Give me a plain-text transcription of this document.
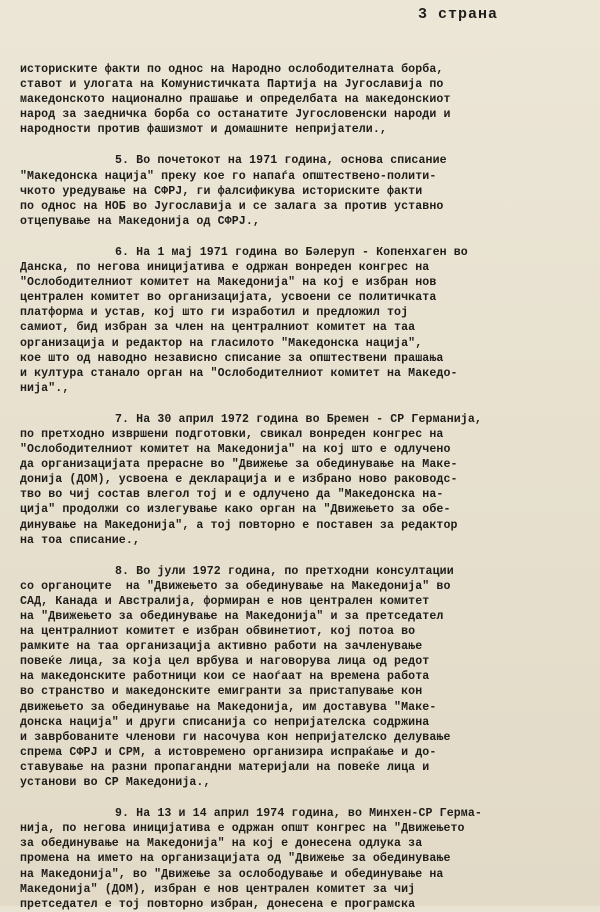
3 страна
историските факти по однос на Народно ослободителната борба,
ставот и улогата на Комунистичката Партија на Југославија по
македонското национално прашање и определбата на македонскиот
народ за заедничка борба со останатите Југословенски народи и
народности против фашизмот и домашните непријатели.,
5. Во почетокот на 1971 година, основа списание
"Македонска нација" преку кое го напаѓа општествено-полити-
чкото уредување на СФРЈ, ги фалсификува историските факти
по однос на НОБ во Југославија и се залага за против уставно
отцепување на Македонија од СФРЈ.,
6. На 1 мај 1971 година во Бәлеруп - Копенхаген во
Данска, по негова иницијатива е одржан вонреден конгрес на
"Ослободителниот комитет на Македонија" на кој е избран нов
централен комитет во организацијата, усвоени се политичката
платформа и устав, кој што ги изработил и предложил тој
самиот, бид избран за член на централниот комитет на таа
организација и редактор на гласилото "Македонска нација",
кое што од наводно независно списание за општествени прашања
и култура станало орган на "Ослободителниот комитет на Македо-
нија".,
7. На 30 април 1972 година во Бремен - СР Германија,
по претходно извршени подготовки, свикал вонреден конгрес на
"Ослободителниот комитет на Македонија" на кој што е одлучено
да организацијата прерасне во "Движење за обединување на Маке-
донија (ДОМ), усвоена е декларација и е избрано ново раководс-
тво во чиј состав влегол тој и е одлучено да "Македонска на-
ција" продолжи со излегување како орган на "Движењето за обе-
динување на Македонија", а тој повторно е поставен за редактор
на тоа списание.,
8. Во јули 1972 година, по претходни консултации
со органоците  на "Движењето за обединување на Македонија" во
САД, Канада и Австралија, формиран е нов централен комитет
на "Движењето за обединување на Македонија" и за претседател
на централниот комитет е избран обвинетиот, кој потоа во
рамките на таа организација активно работи на зачленување
повеќе лица, за која цел врбува и наговорува лица од редот
на македонските работници кои се наоѓаат на времена работа
во странство и македонските емигранти за пристапување кон
движењето за обединување на Македонија, им доставува "Маке-
донска нација" и други списанија со непријателска содржина
и заврбованите членови ги насочува кон непријателско делување
спрема СФРЈ и СРМ, а истовремено организира испраќање и до-
ставување на разни пропагандни материјали на повеќе лица и
установи во СР Македонија.,
9. На 13 и 14 април 1974 година, во Минхен-СР Герма-
нија, по негова иницијатива е одржан општ конгрес на "Движењето
за обединување на Македонија" на кој е донесена одлука за
промена на името на организацијата од "Движење за обединување
на Македонија", во "Движење за ослободување и обединување на
Македонија" (ДОМ), избран е нов централен комитет за чиј
претседател е тој повторно избран, донесена е програмска
